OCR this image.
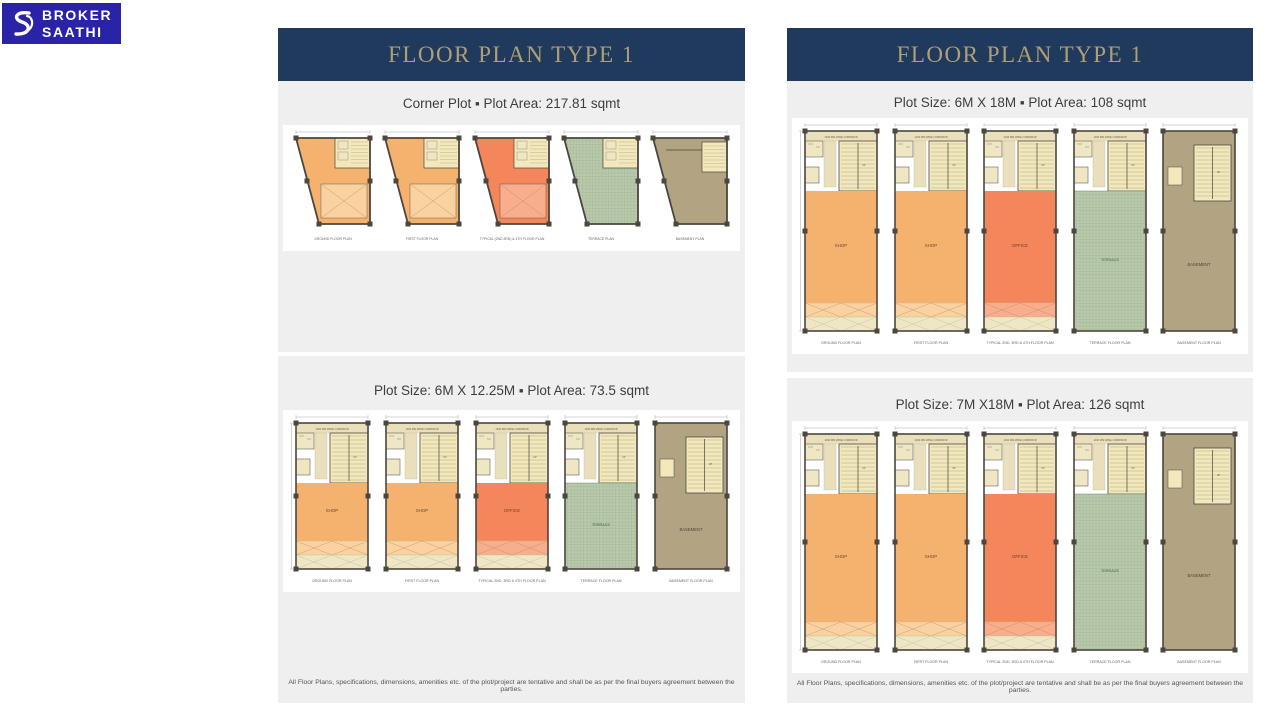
BROKER
SAATHI
FLOOR PLAN TYPE 1
Corner Plot ▪ Plot Area: 217.81 sqmt
GROUND FLOOR PLAN	FIRST FLOOR PLAN	TYPICAL (2ND,3RD) & 4TH FLOOR PLAN	TERRACE PLAN	BASEMENT PLAN
Plot Size: 6M X 12.25M ▪ Plot Area: 73.5 sqmt
1040 MM WIDE CORRIDOR
UP
SHOP
GROUND FLOOR PLAN
1040 MM WIDE CORRIDOR
UP
SHOP
FIRST FLOOR PLAN
1040 MM WIDE CORRIDOR
UP
OFFICE
TYPICAL 2ND, 3RD & 4TH FLOOR PLAN
1040 MM WIDE CORRIDOR
UP
TERRACE
TERRACE FLOOR PLAN
UP
BASEMENT
BASEMENT FLOOR PLAN
All Floor Plans, specifications, dimensions, amenities etc. of the plot/project are tentative and shall be as per the final buyers agreement between the parties.
FLOOR PLAN TYPE 1
Plot Size: 6M X 18M ▪ Plot Area: 108 sqmt
1040 MM WIDE CORRIDOR
UP
SHOP
GROUND FLOOR PLAN
1040 MM WIDE CORRIDOR
UP
SHOP
FIRST FLOOR PLAN
1040 MM WIDE CORRIDOR
UP
OFFICE
TYPICAL 2ND, 3RD & 4TH FLOOR PLAN
1040 MM WIDE CORRIDOR
UP
TERRACE
TERRACE FLOOR PLAN
UP
BASEMENT
BASEMENT FLOOR PLAN
Plot Size: 7M X18M ▪ Plot Area: 126 sqmt
1040 MM WIDE CORRIDOR
UP
SHOP
GROUND FLOOR PLAN
1040 MM WIDE CORRIDOR
UP
SHOP
FIRST FLOOR PLAN
1040 MM WIDE CORRIDOR
UP
OFFICE
TYPICAL 2ND, 3RD & 4TH FLOOR PLAN
1040 MM WIDE CORRIDOR
UP
TERRACE
TERRACE FLOOR PLAN
UP
BASEMENT
BASEMENT FLOOR PLAN
All Floor Plans, specifications, dimensions, amenities etc. of the plot/project are tentative and shall be as per the final buyers agreement between the parties.
